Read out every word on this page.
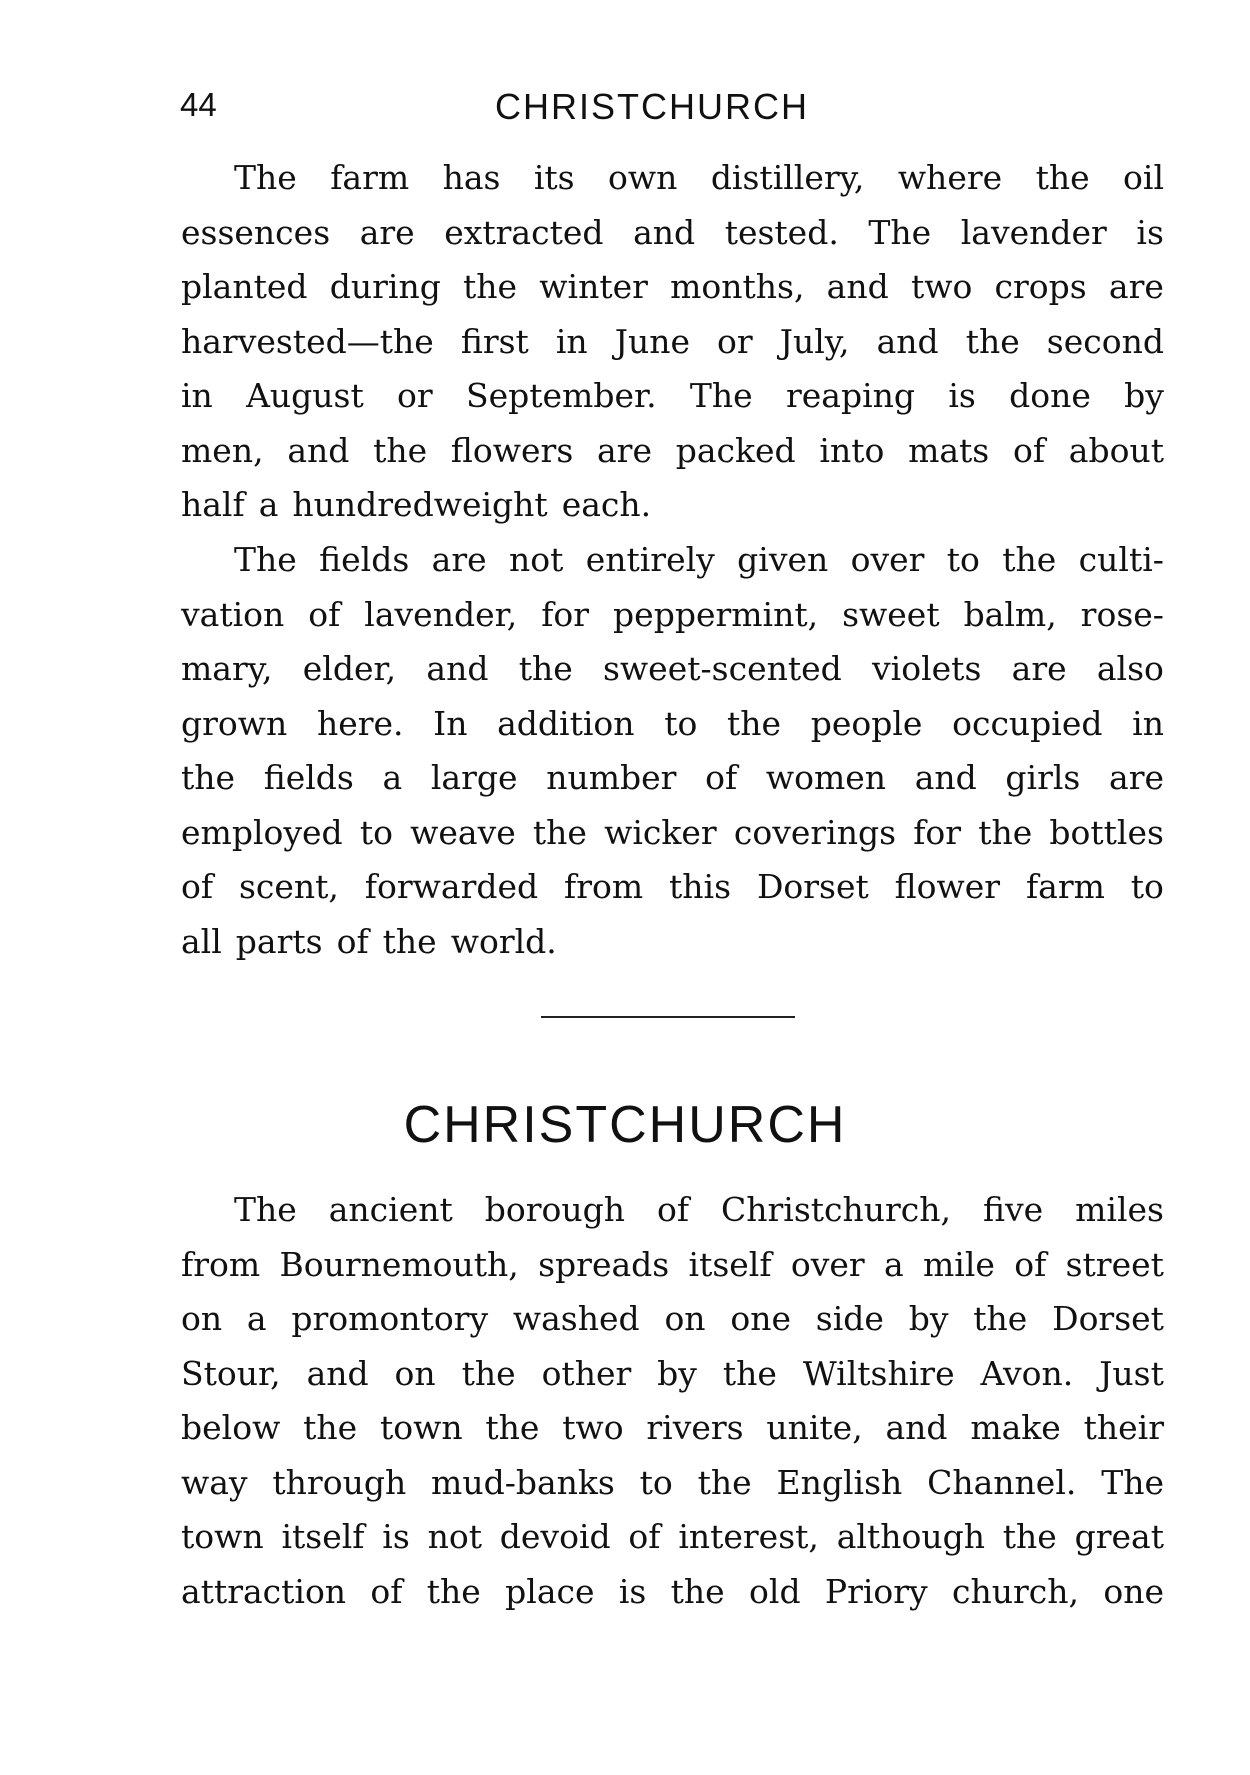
44	CHRISTCHURCH
The farm has its own distillery, where the oil
essences are extracted and tested. The lavender is
planted during the winter months, and two crops are
harvested—the first in June or July, and the second
in August or September. The reaping is done by
men, and the flowers are packed into mats of about
half a hundredweight each.
The fields are not entirely given over to the culti-
vation of lavender, for peppermint, sweet balm, rose-
mary, elder, and the sweet-scented violets are also
grown here. In addition to the people occupied in
the fields a large number of women and girls are
employed to weave the wicker coverings for the bottles
of scent, forwarded from this Dorset flower farm to
all parts of the world.
CHRISTCHURCH
The ancient borough of Christchurch, five miles
from Bournemouth, spreads itself over a mile of street
on a promontory washed on one side by the Dorset
Stour, and on the other by the Wiltshire Avon. Just
below the town the two rivers unite, and make their
way through mud-banks to the English Channel. The
town itself is not devoid of interest, although the great
attraction of the place is the old Priory church, one
